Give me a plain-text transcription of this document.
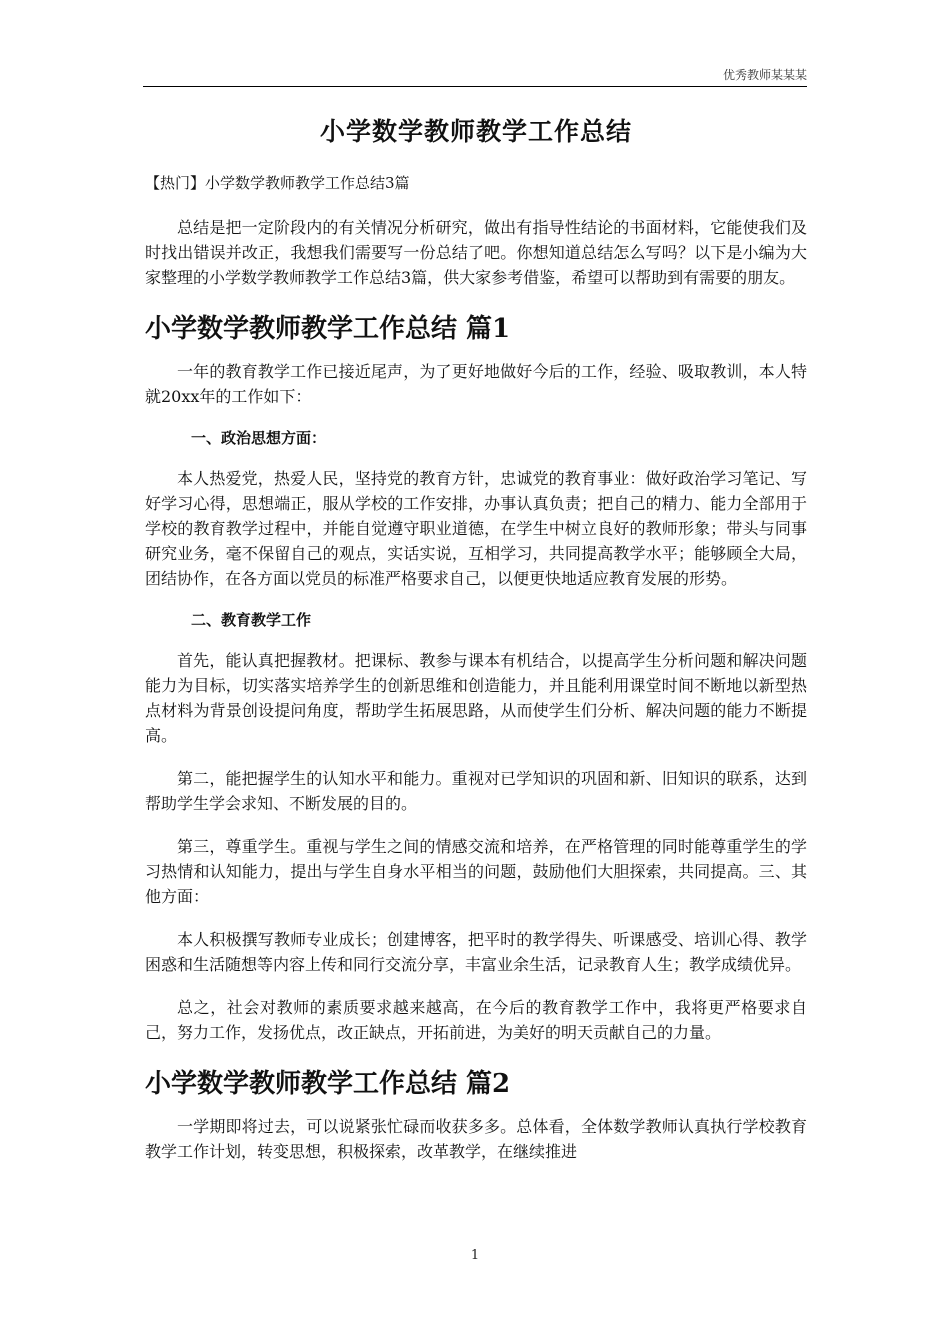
优秀教师某某某
小学数学教师教学工作总结
【热门】小学数学教师教学工作总结3篇

总结是把一定阶段内的有关情况分析研究，做出有指导性结论的书面材料，它能使我们及时找出错误并改正，我想我们需要写一份总结了吧。你想知道总结怎么写吗？以下是小编为大家整理的小学数学教师教学工作总结3篇，供大家参考借鉴，希望可以帮助到有需要的朋友。

小学数学教师教学工作总结 篇1

一年的教育教学工作已接近尾声，为了更好地做好今后的工作，经验、吸取教训，本人特就20xx年的工作如下：

一、政治思想方面：

本人热爱党，热爱人民，坚持党的教育方针，忠诚党的教育事业：做好政治学习笔记、写好学习心得，思想端正，服从学校的工作安排，办事认真负责；把自己的精力、能力全部用于学校的教育教学过程中，并能自觉遵守职业道德，在学生中树立良好的教师形象；带头与同事研究业务，毫不保留自己的观点，实话实说，互相学习，共同提高教学水平；能够顾全大局，团结协作，在各方面以党员的标准严格要求自己，以便更快地适应教育发展的形势。

二、教育教学工作

首先，能认真把握教材。把课标、教参与课本有机结合，以提高学生分析问题和解决问题能力为目标，切实落实培养学生的创新思维和创造能力，并且能利用课堂时间不断地以新型热点材料为背景创设提问角度，帮助学生拓展思路，从而使学生们分析、解决问题的能力不断提高。

第二，能把握学生的认知水平和能力。重视对已学知识的巩固和新、旧知识的联系，达到帮助学生学会求知、不断发展的目的。

第三，尊重学生。重视与学生之间的情感交流和培养，在严格管理的同时能尊重学生的学习热情和认知能力，提出与学生自身水平相当的问题，鼓励他们大胆探索，共同提高。三、其他方面：

本人积极撰写教师专业成长；创建博客，把平时的教学得失、听课感受、培训心得、教学困惑和生活随想等内容上传和同行交流分享，丰富业余生活，记录教育人生；教学成绩优异。

总之，社会对教师的素质要求越来越高，在今后的教育教学工作中，我将更严格要求自己，努力工作，发扬优点，改正缺点，开拓前进，为美好的明天贡献自己的力量。

小学数学教师教学工作总结 篇2

一学期即将过去，可以说紧张忙碌而收获多多。总体看，全体数学教师认真执行学校教育教学工作计划，转变思想，积极探索，改革教学，在继续推进

1
